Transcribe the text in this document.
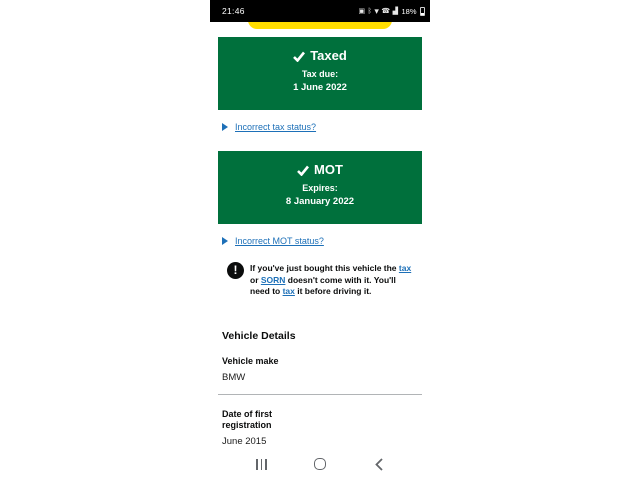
21:46	▣ ᛒ ▾ ☎ ▟ 18%
Taxed
Tax due:
1 June 2022
Incorrect tax status?
MOT
Expires:
8 January 2022
Incorrect MOT status?
!	If you've just bought this vehicle the tax
or SORN doesn't come with it. You'll
need to tax it before driving it.
Vehicle Details
Vehicle make
BMW
Date of first registration
June 2015
